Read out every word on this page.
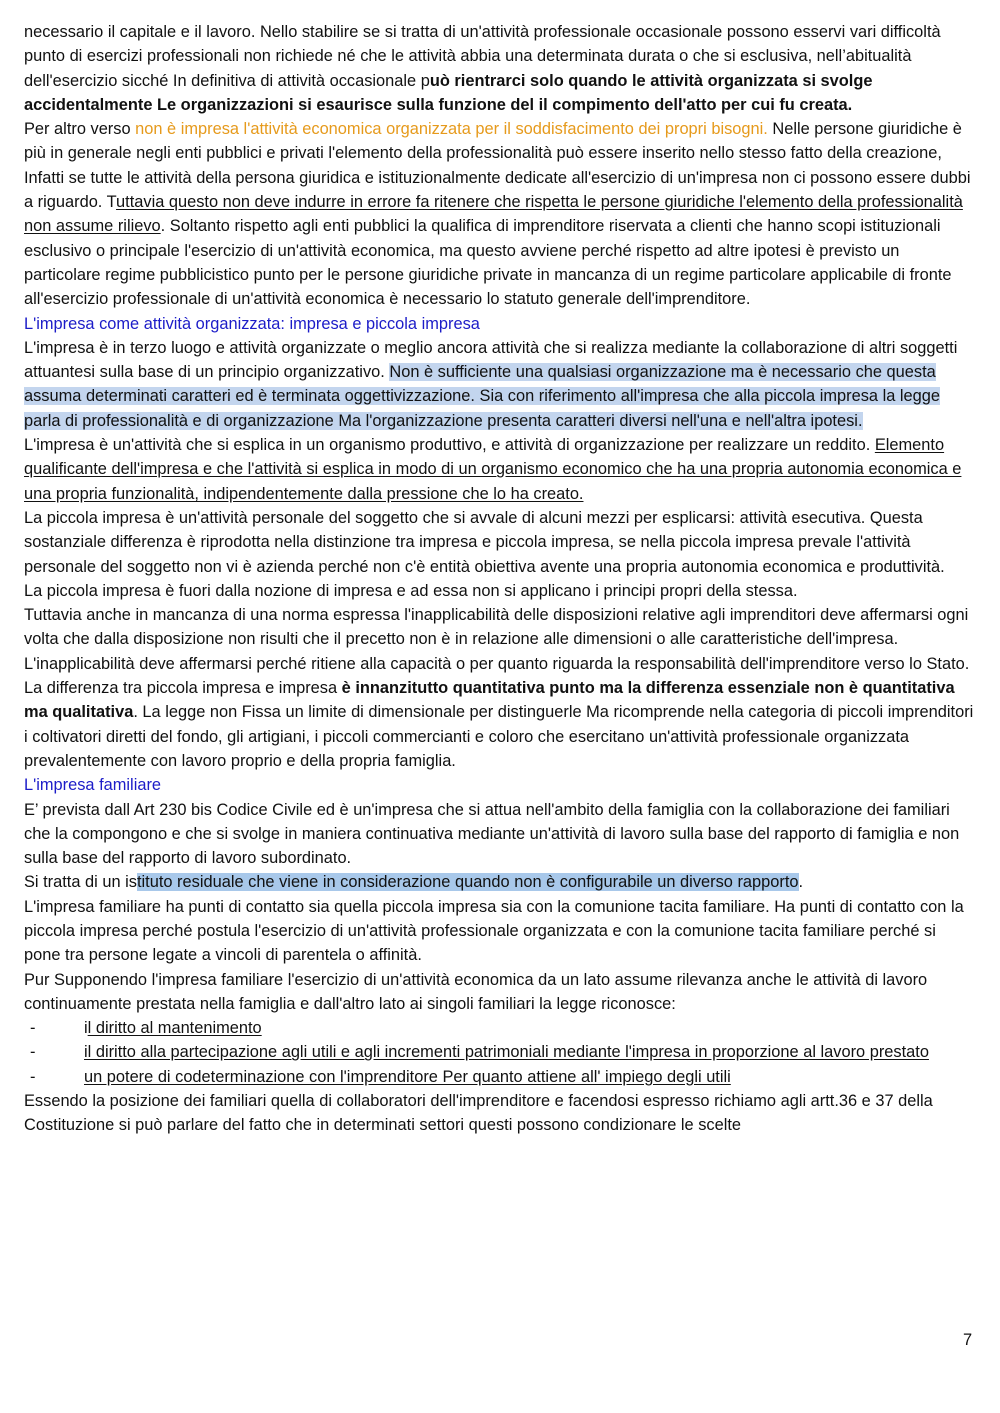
necessario il capitale e il lavoro. Nello stabilire se si tratta di un'attività professionale occasionale possono esservi vari difficoltà punto di esercizi professionali non richiede né che le attività abbia una determinata durata o che si esclusiva, nell’abitualità dell'esercizio sicché In definitiva di attività occasionale può rientrarci solo quando le attività organizzata si svolge accidentalmente Le organizzazioni si esaurisce sulla funzione del il compimento dell'atto per cui fu creata.

Per altro verso non è impresa l'attività economica organizzata per il soddisfacimento dei propri bisogni. Nelle persone giuridiche è più in generale negli enti pubblici e privati l'elemento della professionalità può essere inserito nello stesso fatto della creazione, Infatti se tutte le attività della persona giuridica e istituzionalmente dedicate all'esercizio di un'impresa non ci possono essere dubbi a riguardo. Tuttavia questo non deve indurre in errore fa ritenere che rispetta le persone giuridiche l'elemento della professionalità non assume rilievo. Soltanto rispetto agli enti pubblici la qualifica di imprenditore riservata a clienti che hanno scopi istituzionali esclusivo o principale l'esercizio di un'attività economica, ma questo avviene perché rispetto ad altre ipotesi è previsto un particolare regime pubblicistico punto per le persone giuridiche private in mancanza di un regime particolare applicabile di fronte all'esercizio professionale di un'attività economica è necessario lo statuto generale dell'imprenditore.

L'impresa come attività organizzata: impresa e piccola impresa

L'impresa è in terzo luogo e attività organizzate o meglio ancora attività che si realizza mediante la collaborazione di altri soggetti attuantesi sulla base di un principio organizzativo. Non è sufficiente una qualsiasi organizzazione ma è necessario che questa assuma determinati caratteri ed è terminata oggettivizzazione. Sia con riferimento all'impresa che alla piccola impresa la legge parla di professionalità e di organizzazione Ma l'organizzazione presenta caratteri diversi nell'una e nell'altra ipotesi.

L'impresa è un'attività che si esplica in un organismo produttivo, e attività di organizzazione per realizzare un reddito. Elemento qualificante dell'impresa e che l'attività si esplica in modo di un organismo economico che ha una propria autonomia economica e una propria funzionalità, indipendentemente dalla pressione che lo ha creato.

La piccola impresa è un'attività personale del soggetto che si avvale di alcuni mezzi per esplicarsi: attività esecutiva. Questa sostanziale differenza è riprodotta nella distinzione tra impresa e piccola impresa, se nella piccola impresa prevale l'attività personale del soggetto non vi è azienda perché non c'è entità obiettiva avente una propria autonomia economica e produttività.

La piccola impresa è fuori dalla nozione di impresa e ad essa non si applicano i principi propri della stessa.

Tuttavia anche in mancanza di una norma espressa l'inapplicabilità delle disposizioni relative agli imprenditori deve affermarsi ogni volta che dalla disposizione non risulti che il precetto non è in relazione alle dimensioni o alle caratteristiche dell'impresa. L'inapplicabilità deve affermarsi perché ritiene alla capacità o per quanto riguarda la responsabilità dell'imprenditore verso lo Stato.

La differenza tra piccola impresa e impresa è innanzitutto quantitativa punto ma la differenza essenziale non è quantitativa ma qualitativa. La legge non Fissa un limite di dimensionale per distinguerle Ma ricomprende nella categoria di piccoli imprenditori i coltivatori diretti del fondo, gli artigiani, i piccoli commercianti e coloro che esercitano un'attività professionale organizzata prevalentemente con lavoro proprio e della propria famiglia.

L'impresa familiare

E’ prevista dall Art 230 bis Codice Civile ed è un'impresa che si attua nell'ambito della famiglia con la collaborazione dei familiari che la compongono e che si svolge in maniera continuativa mediante un'attività di lavoro sulla base del rapporto di famiglia e non sulla base del rapporto di lavoro subordinato.

Si tratta di un istituto residuale che viene in considerazione quando non è configurabile un diverso rapporto.

L'impresa familiare ha punti di contatto sia quella piccola impresa sia con la comunione tacita familiare. Ha punti di contatto con la piccola impresa perché postula l'esercizio di un'attività professionale organizzata e con la comunione tacita familiare perché si pone tra persone legate a vincoli di parentela o affinità.

Pur Supponendo l'impresa familiare l'esercizio di un'attività economica da un lato assume rilevanza anche le attività di lavoro continuamente prestata nella famiglia e dall'altro lato ai singoli familiari la legge riconosce:

-	il diritto al mantenimento
-	il diritto alla partecipazione agli utili e agli incrementi patrimoniali mediante l'impresa in proporzione al lavoro prestato
-	un potere di codeterminazione con l'imprenditore Per quanto attiene all' impiego degli utili

Essendo la posizione dei familiari quella di collaboratori dell'imprenditore e facendosi espresso richiamo agli artt.36 e 37 della Costituzione si può parlare del fatto che in determinati settori questi possono condizionare le scelte

7
